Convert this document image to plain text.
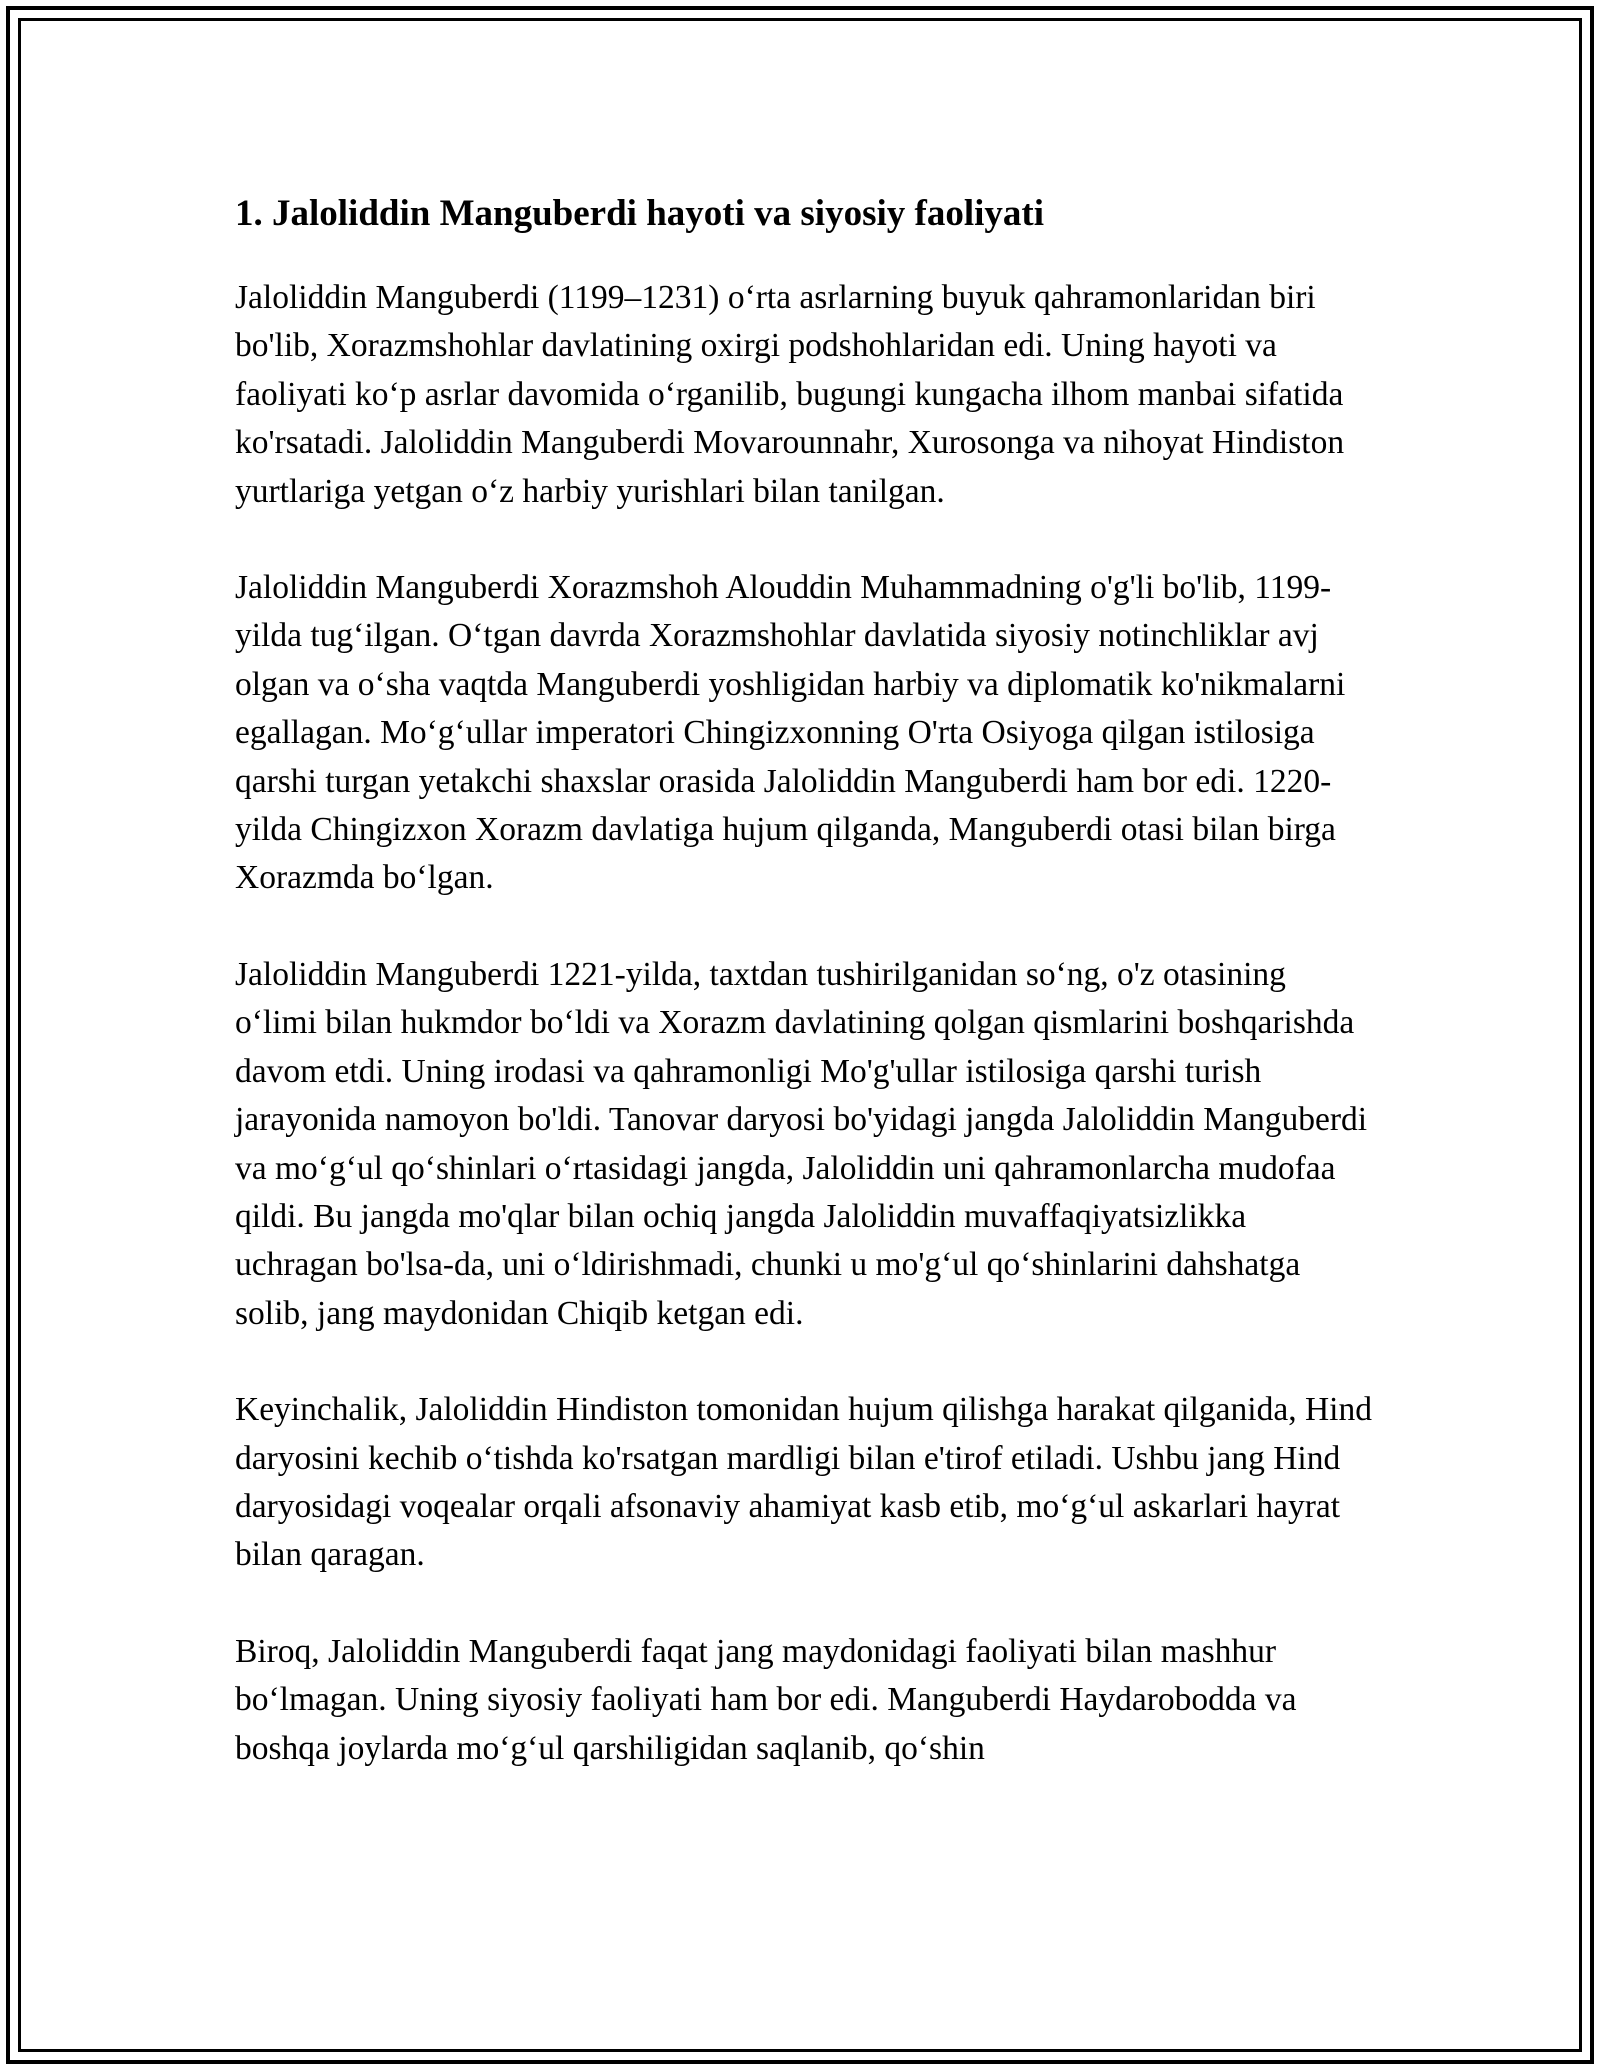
1. Jaloliddin Manguberdi hayoti va siyosiy faoliyati

Jaloliddin Manguberdi (1199–1231) o‘rta asrlarning buyuk qahramonlaridan biri bo'lib, Xorazmshohlar davlatining oxirgi podshohlaridan edi. Uning hayoti va faoliyati ko‘p asrlar davomida o‘rganilib, bugungi kungacha ilhom manbai sifatida ko'rsatadi. Jaloliddin Manguberdi Movarounnahr, Xurosonga va nihoyat Hindiston yurtlariga yetgan o‘z harbiy yurishlari bilan tanilgan.

Jaloliddin Manguberdi Xorazmshoh Alouddin Muhammadning o'g'li bo'lib, 1199-yilda tug‘ilgan. O‘tgan davrda Xorazmshohlar davlatida siyosiy notinchliklar avj olgan va o‘sha vaqtda Manguberdi yoshligidan harbiy va diplomatik ko'nikmalarni egallagan. Mo‘g‘ullar imperatori Chingizxonning O'rta Osiyoga qilgan istilosiga qarshi turgan yetakchi shaxslar orasida Jaloliddin Manguberdi ham bor edi. 1220-yilda Chingizxon Xorazm davlatiga hujum qilganda, Manguberdi otasi bilan birga Xorazmda bo‘lgan.

Jaloliddin Manguberdi 1221-yilda, taxtdan tushirilganidan so‘ng, o'z otasining o‘limi bilan hukmdor bo‘ldi va Xorazm davlatining qolgan qismlarini boshqarishda davom etdi. Uning irodasi va qahramonligi Mo'g'ullar istilosiga qarshi turish jarayonida namoyon bo'ldi. Tanovar daryosi bo'yidagi jangda Jaloliddin Manguberdi va mo‘g‘ul qo‘shinlari o‘rtasidagi jangda, Jaloliddin uni qahramonlarcha mudofaa qildi. Bu jangda mo'qlar bilan ochiq jangda Jaloliddin muvaffaqiyatsizlikka uchragan bo'lsa-da, uni o‘ldirishmadi, chunki u mo'g‘ul qo‘shinlarini dahshatga solib, jang maydonidan Chiqib ketgan edi.

Keyinchalik, Jaloliddin Hindiston tomonidan hujum qilishga harakat qilganida, Hind daryosini kechib o‘tishda ko'rsatgan mardligi bilan e'tirof etiladi. Ushbu jang Hind daryosidagi voqealar orqali afsonaviy ahamiyat kasb etib, mo‘g‘ul askarlari hayrat bilan qaragan.

Biroq, Jaloliddin Manguberdi faqat jang maydonidagi faoliyati bilan mashhur bo‘lmagan. Uning siyosiy faoliyati ham bor edi. Manguberdi Haydarobodda va boshqa joylarda mo‘g‘ul qarshiligidan saqlanib, qo‘shin
